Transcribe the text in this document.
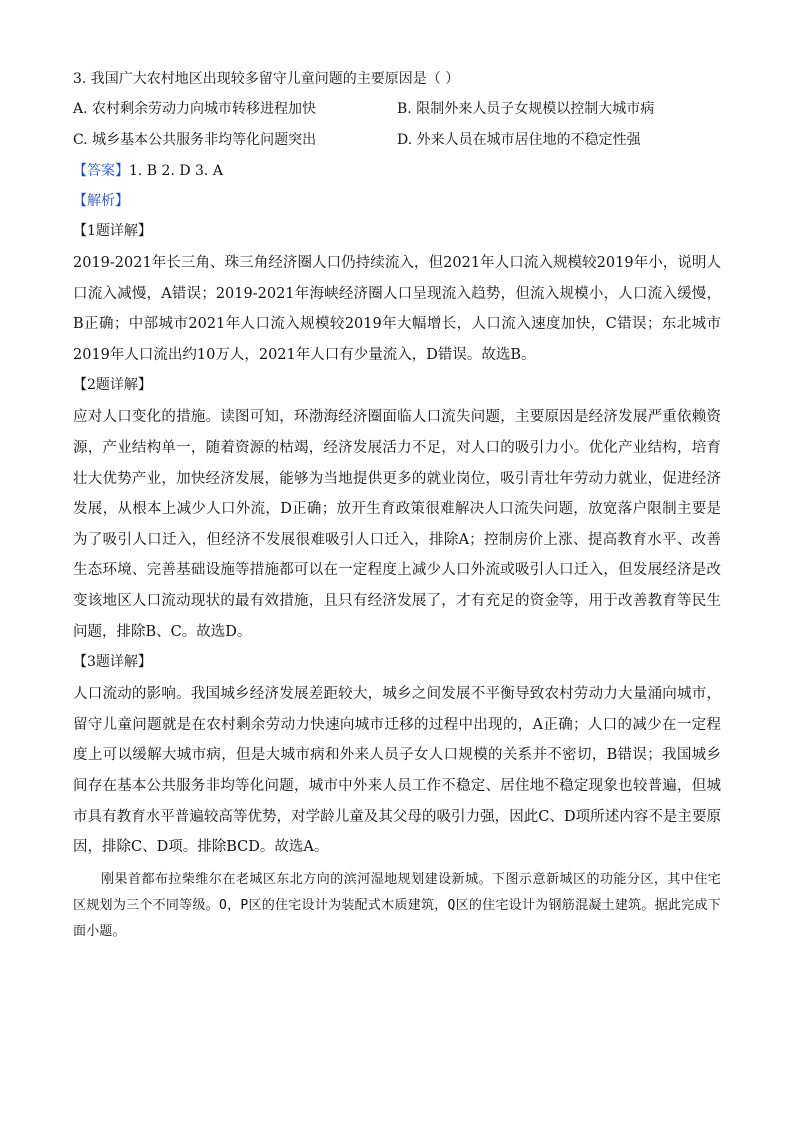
3. 我国广大农村地区出现较多留守儿童问题的主要原因是（ ）
A. 农村剩余劳动力向城市转移进程加快	B. 限制外来人员子女规模以控制大城市病
C. 城乡基本公共服务非均等化问题突出	D. 外来人员在城市居住地的不稳定性强
【答案】1. B 2. D 3. A
【解析】
【1题详解】

2019-2021年长三角、珠三角经济圈人口仍持续流入，但2021年人口流入规模较2019年小，说明人口流入减慢，A错误；2019-2021年海峡经济圈人口呈现流入趋势，但流入规模小，人口流入缓慢，B正确；中部城市2021年人口流入规模较2019年大幅增长，人口流入速度加快，C错误；东北城市2019年人口流出约10万人，2021年人口有少量流入，D错误。故选B。

【2题详解】

应对人口变化的措施。读图可知，环渤海经济圈面临人口流失问题，主要原因是经济发展严重依赖资源，产业结构单一，随着资源的枯竭，经济发展活力不足，对人口的吸引力小。优化产业结构，培育壮大优势产业，加快经济发展，能够为当地提供更多的就业岗位，吸引青壮年劳动力就业，促进经济发展，从根本上减少人口外流，D正确；放开生育政策很难解决人口流失问题，放宽落户限制主要是为了吸引人口迁入，但经济不发展很难吸引人口迁入，排除A；控制房价上涨、提高教育水平、改善生态环境、完善基础设施等措施都可以在一定程度上减少人口外流或吸引人口迁入，但发展经济是改变该地区人口流动现状的最有效措施，且只有经济发展了，才有充足的资金等，用于改善教育等民生问题，排除B、C。故选D。

【3题详解】

人口流动的影响。我国城乡经济发展差距较大，城乡之间发展不平衡导致农村劳动力大量涌向城市，留守儿童问题就是在农村剩余劳动力快速向城市迁移的过程中出现的，A正确；人口的减少在一定程度上可以缓解大城市病，但是大城市病和外来人员子女人口规模的关系并不密切，B错误；我国城乡间存在基本公共服务非均等化问题，城市中外来人员工作不稳定、居住地不稳定现象也较普遍，但城市具有教育水平普遍较高等优势，对学龄儿童及其父母的吸引力强，因此C、D项所述内容不是主要原因，排除C、D项。排除BCD。故选A。

刚果首都布拉柴维尔在老城区东北方向的滨河湿地规划建设新城。下图示意新城区的功能分区，其中住宅区规划为三个不同等级。O，P区的住宅设计为装配式木质建筑，Q区的住宅设计为钢筋混凝土建筑。据此完成下面小题。
